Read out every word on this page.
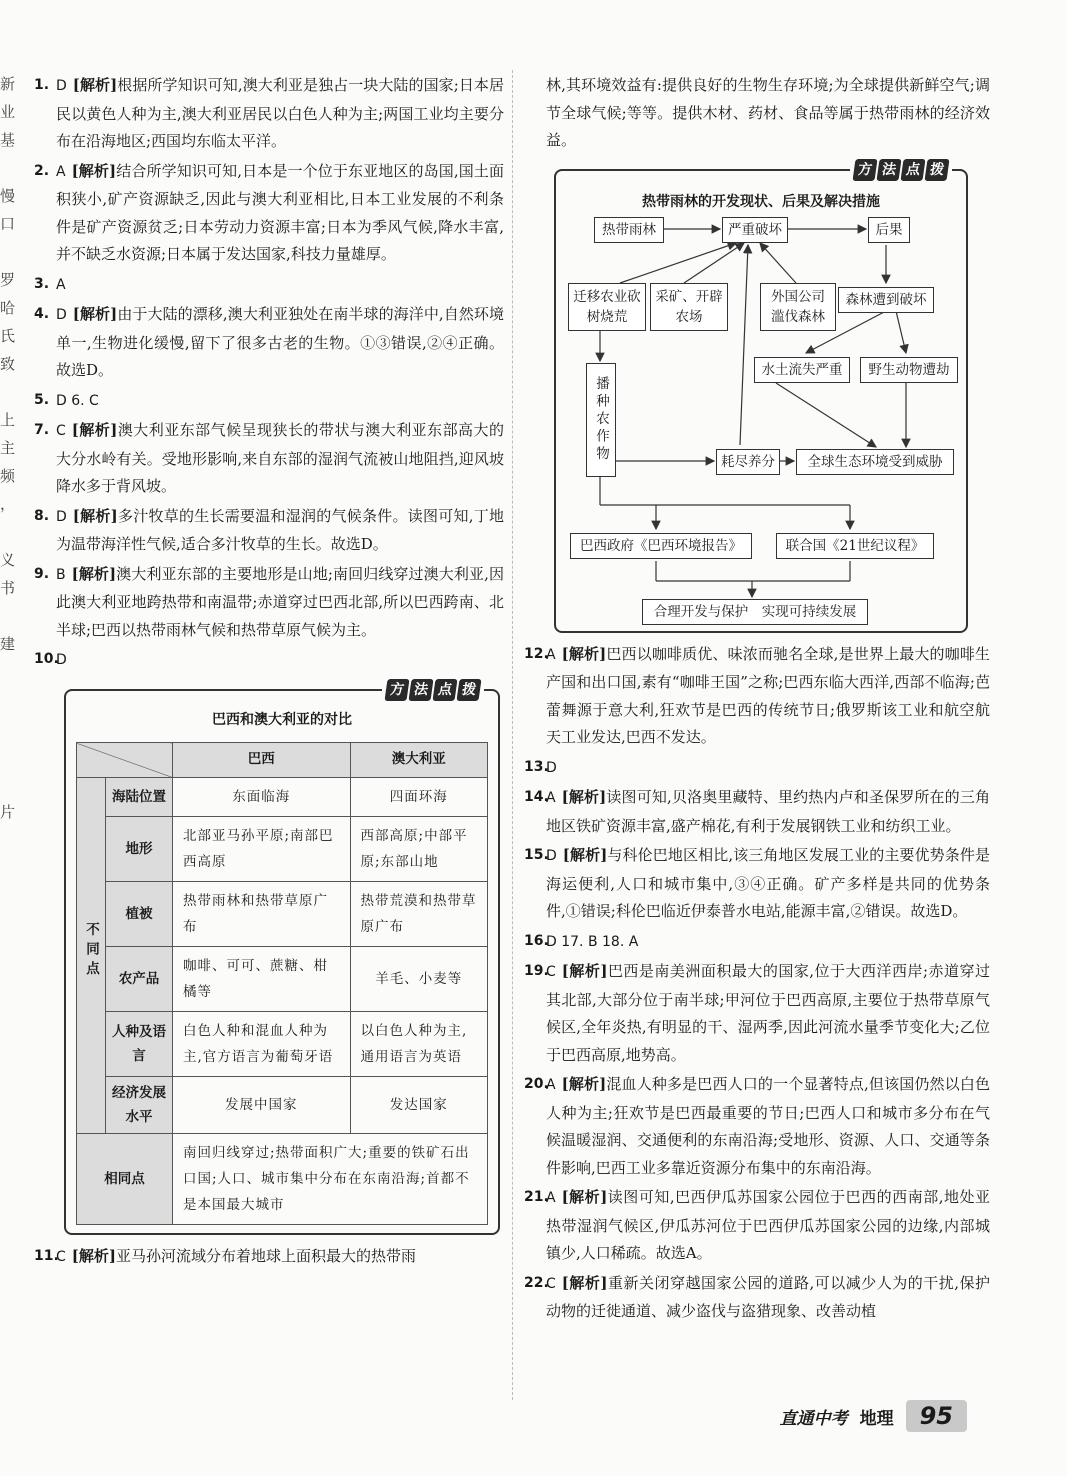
新
业
基

慢
口

罗
哈
氏
致

上
主
频
，

义
书

建

片
1. D [解析]根据所学知识可知,澳大利亚是独占一块大陆的国家;日本居民以黄色人种为主,澳大利亚居民以白色人种为主;两国工业均主要分布在沿海地区;西国均东临太平洋。
2. A [解析]结合所学知识可知,日本是一个位于东亚地区的岛国,国土面积狭小,矿产资源缺乏,因此与澳大利亚相比,日本工业发展的不利条件是矿产资源贫乏;日本劳动力资源丰富;日本为季风气候,降水丰富,并不缺乏水资源;日本属于发达国家,科技力量雄厚。
3. A
4. D [解析]由于大陆的漂移,澳大利亚独处在南半球的海洋中,自然环境单一,生物进化缓慢,留下了很多古老的生物。①③错误,②④正确。故选D。
5. D 6. C
7. C [解析]澳大利亚东部气候呈现狭长的带状与澳大利亚东部高大的大分水岭有关。受地形影响,来自东部的湿润气流被山地阻挡,迎风坡降水多于背风坡。
8. D [解析]多汁牧草的生长需要温和湿润的气候条件。读图可知,丁地为温带海洋性气候,适合多汁牧草的生长。故选D。
9. B [解析]澳大利亚东部的主要地形是山地;南回归线穿过澳大利亚,因此澳大利亚地跨热带和南温带;赤道穿过巴西北部,所以巴西跨南、北半球;巴西以热带雨林气候和热带草原气候为主。
10.
D
方 法 点 拨
巴西和澳大利亚的对比
		巴西	澳大利亚
不同点	海陆位置	东面临海	四面环海
	地形	北部亚马孙平原;南部巴西高原	西部高原;中部平原;东部山地
	植被	热带雨林和热带草原广布	热带荒漠和热带草原广布
	农产品	咖啡、可可、蔗糖、柑橘等	羊毛、小麦等
	人种及语言	白色人种和混血人种为主,官方语言为葡萄牙语	以白色人种为主,通用语言为英语
	经济发展水平	发展中国家	发达国家
相同点		南回归线穿过;热带面积广大;重要的铁矿石出口国;人口、城市集中分布在东南沿海;首都不是本国最大城市	
11.
C [解析]亚马孙河流域分布着地球上面积最大的热带雨
林,其环境效益有:提供良好的生物生存环境;为全球提供新鲜空气;调节全球气候;等等。提供木材、药材、食品等属于热带雨林的经济效益。
方 法 点 拨
热带雨林的开发现状、后果及解决措施
热带雨林	严重破坏	后果
迁移农业砍树烧荒
采矿、开辟农场
外国公司滥伐森林
森林遭到破坏
水土流失严重	野生动物遭劫
播种农作物	耗尽养分	全球生态环境受到威胁
巴西政府《巴西环境报告》	联合国《21世纪议程》
合理开发与保护　实现可持续发展
12.
A [解析]巴西以咖啡质优、味浓而驰名全球,是世界上最大的咖啡生产国和出口国,素有“咖啡王国”之称;巴西东临大西洋,西部不临海;芭蕾舞源于意大利,狂欢节是巴西的传统节日;俄罗斯该工业和航空航天工业发达,巴西不发达。
13.
D
14.
A [解析]读图可知,贝洛奥里藏特、里约热内卢和圣保罗所在的三角地区铁矿资源丰富,盛产棉花,有利于发展钢铁工业和纺织工业。
15.
D [解析]与科伦巴地区相比,该三角地区发展工业的主要优势条件是海运便利,人口和城市集中,③④正确。矿产多样是共同的优势条件,①错误;科伦巴临近伊泰普水电站,能源丰富,②错误。故选D。
16.
D 17. B 18. A
19.
C [解析]巴西是南美洲面积最大的国家,位于大西洋西岸;赤道穿过其北部,大部分位于南半球;甲河位于巴西高原,主要位于热带草原气候区,全年炎热,有明显的干、湿两季,因此河流水量季节变化大;乙位于巴西高原,地势高。
20.
A [解析]混血人种多是巴西人口的一个显著特点,但该国仍然以白色人种为主;狂欢节是巴西最重要的节日;巴西人口和城市多分布在气候温暖湿润、交通便利的东南沿海;受地形、资源、人口、交通等条件影响,巴西工业多靠近资源分布集中的东南沿海。
21.
A [解析]读图可知,巴西伊瓜苏国家公园位于巴西的西南部,地处亚热带湿润气候区,伊瓜苏河位于巴西伊瓜苏国家公园的边缘,内部城镇少,人口稀疏。故选A。
22.
C [解析]重新关闭穿越国家公园的道路,可以减少人为的干扰,保护动物的迁徙通道、减少盗伐与盗猎现象、改善动植
直通中考 地理	95
